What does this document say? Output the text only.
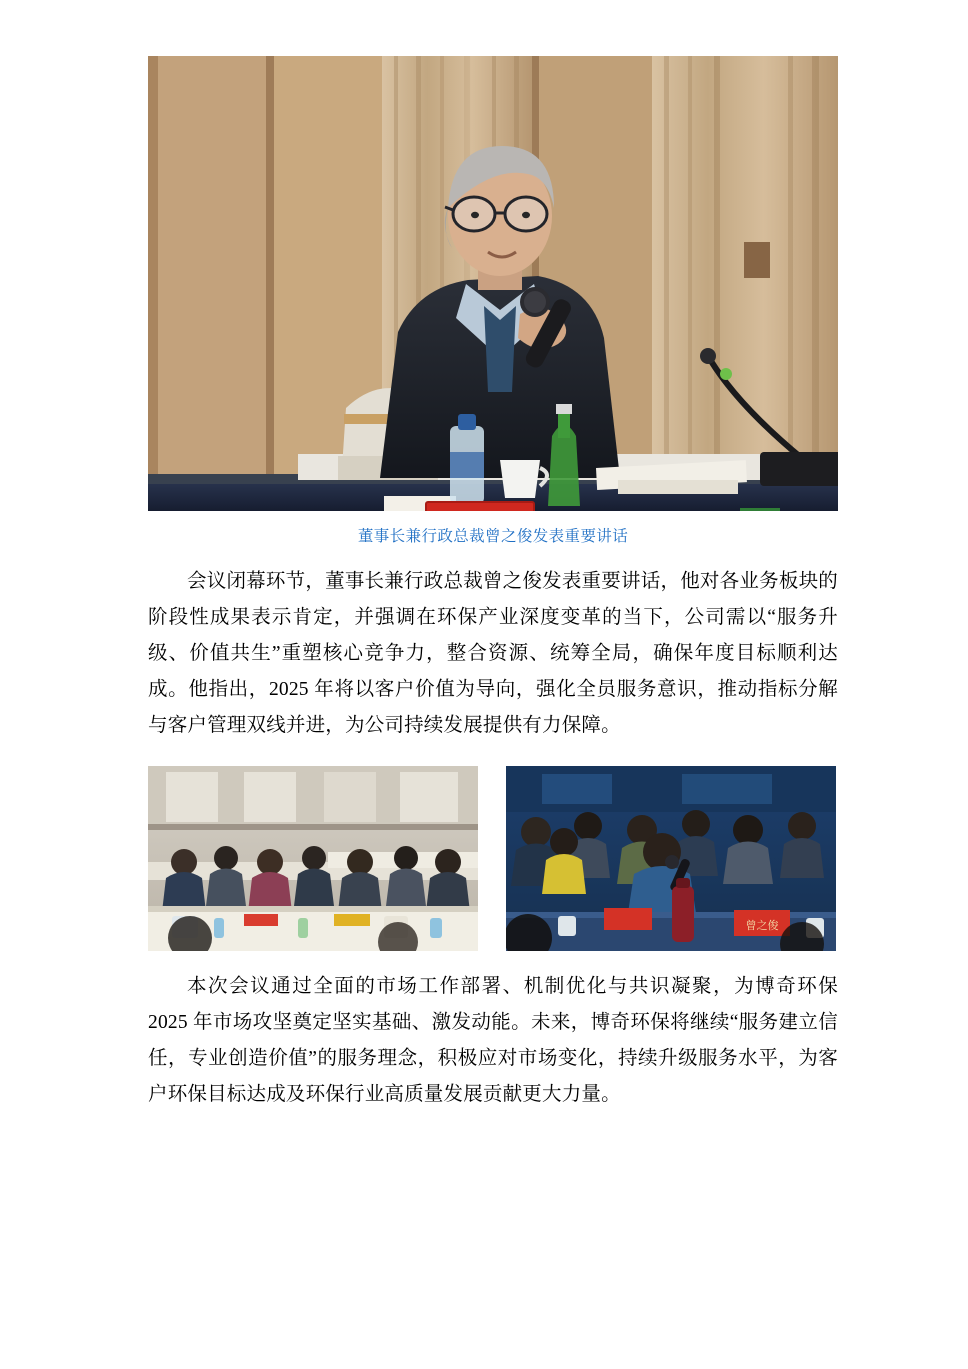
董事长兼行政总裁曾之俊发表重要讲话

会议闭幕环节，董事长兼行政总裁曾之俊发表重要讲话，他对各业务板块的阶段性成果表示肯定，并强调在环保产业深度变革的当下，公司需以“服务升级、价值共生”重塑核心竞争力，整合资源、统筹全局，确保年度目标顺利达成。他指出，2025 年将以客户价值为导向，强化全员服务意识，推动指标分解与客户管理双线并进，为公司持续发展提供有力保障。

曾之俊

本次会议通过全面的市场工作部署、机制优化与共识凝聚，为博奇环保 2025 年市场攻坚奠定坚实基础、激发动能。未来，博奇环保将继续“服务建立信任，专业创造价值”的服务理念，积极应对市场变化，持续升级服务水平，为客户环保目标达成及环保行业高质量发展贡献更大力量。
